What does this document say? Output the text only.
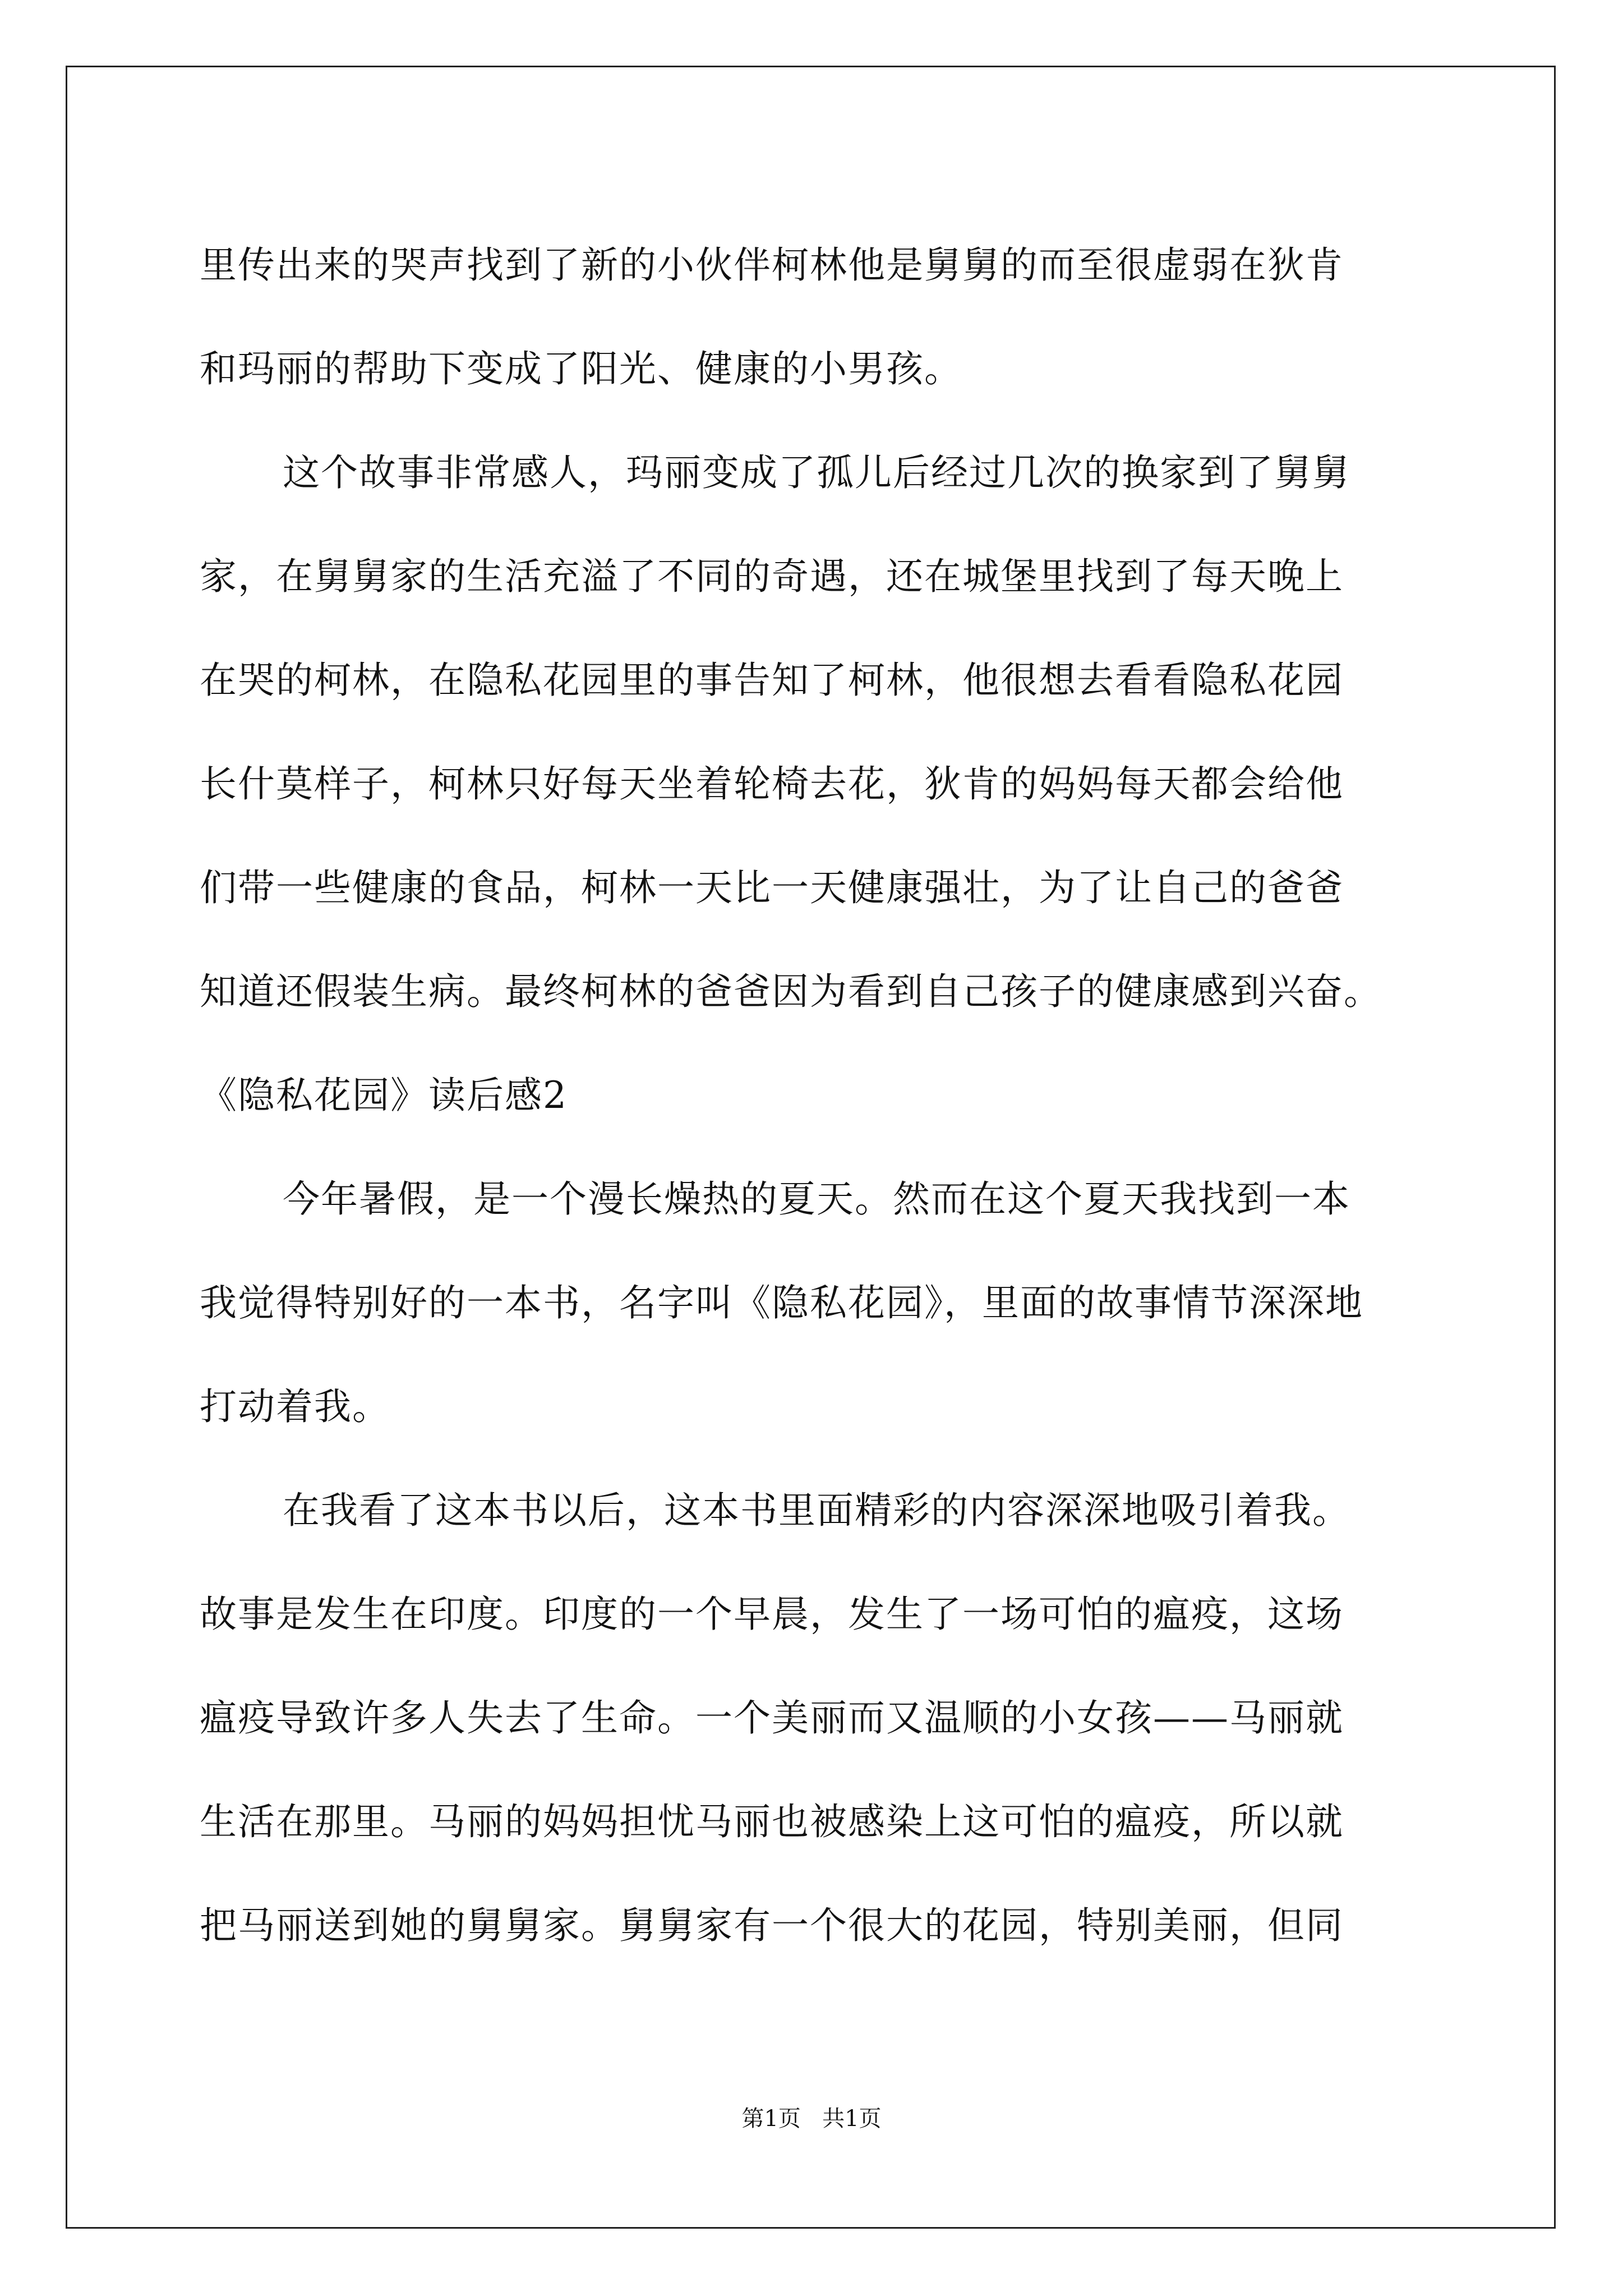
里传出来的哭声找到了新的小伙伴柯林他是舅舅的而至很虚弱在狄肯
和玛丽的帮助下变成了阳光、健康的小男孩。
这个故事非常感人，玛丽变成了孤儿后经过几次的换家到了舅舅
家，在舅舅家的生活充溢了不同的奇遇，还在城堡里找到了每天晚上
在哭的柯林，在隐私花园里的事告知了柯林，他很想去看看隐私花园
长什莫样子，柯林只好每天坐着轮椅去花，狄肯的妈妈每天都会给他
们带一些健康的食品，柯林一天比一天健康强壮，为了让自己的爸爸
知道还假装生病。最终柯林的爸爸因为看到自己孩子的健康感到兴奋。
《隐私花园》读后感2
今年暑假，是一个漫长燥热的夏天。然而在这个夏天我找到一本
我觉得特别好的一本书，名字叫《隐私花园》，里面的故事情节深深地
打动着我。
在我看了这本书以后，这本书里面精彩的内容深深地吸引着我。
故事是发生在印度。印度的一个早晨，发生了一场可怕的瘟疫，这场
瘟疫导致许多人失去了生命。一个美丽而又温顺的小女孩——马丽就
生活在那里。马丽的妈妈担忧马丽也被感染上这可怕的瘟疫，所以就
把马丽送到她的舅舅家。舅舅家有一个很大的花园，特别美丽，但同
第1页 共1页
